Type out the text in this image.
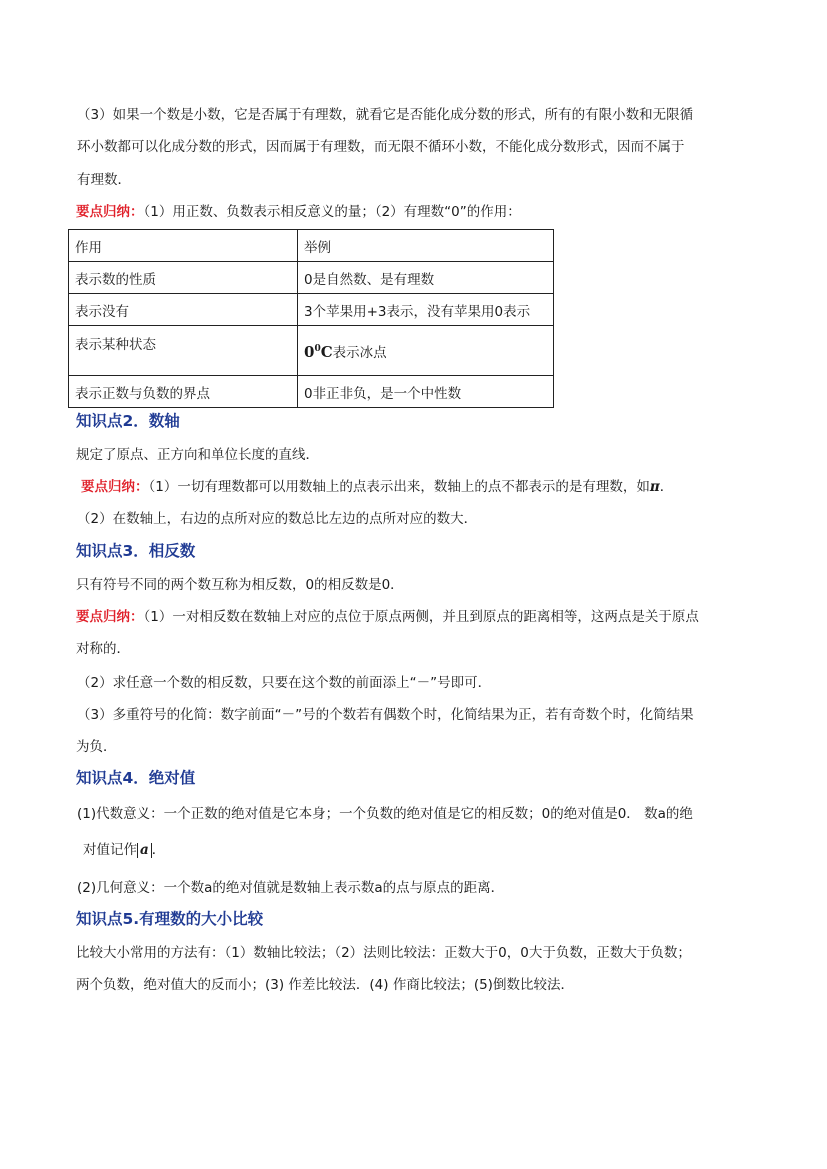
（3）如果一个数是小数，它是否属于有理数，就看它是否能化成分数的形式，所有的有限小数和无限循
环小数都可以化成分数的形式，因而属于有理数，而无限不循环小数，不能化成分数形式，因而不属于
有理数．
要点归纳：（1）用正数、负数表示相反意义的量；（2）有理数“0”的作用：
作用	举例
表示数的性质	0是自然数、是有理数
表示没有	3个苹果用+3表示，没有苹果用0表示
表示某种状态	$0^0C$表示冰点
表示正数与负数的界点	0非正非负，是一个中性数
知识点2．数轴
规定了原点、正方向和单位长度的直线．
要点归纳：（1）一切有理数都可以用数轴上的点表示出来，数轴上的点不都表示的是有理数，如π．
（2）在数轴上，右边的点所对应的数总比左边的点所对应的数大．
知识点3．相反数
只有符号不同的两个数互称为相反数，0的相反数是0．
要点归纳：（1）一对相反数在数轴上对应的点位于原点两侧，并且到原点的距离相等，这两点是关于原点
对称的．
（2）求任意一个数的相反数，只要在这个数的前面添上“－”号即可．
（3）多重符号的化简：数字前面“－”号的个数若有偶数个时，化简结果为正，若有奇数个时，化简结果
为负．
知识点4．绝对值
(1)代数意义：一个正数的绝对值是它本身；一个负数的绝对值是它的相反数；0的绝对值是0． 数a的绝
对值记作 a ．
(2)几何意义：一个数a的绝对值就是数轴上表示数a的点与原点的距离．
知识点5.有理数的大小比较
比较大小常用的方法有：（1）数轴比较法；（2）法则比较法：正数大于0，0大于负数，正数大于负数；
两个负数，绝对值大的反而小；(3) 作差比较法．(4) 作商比较法；(5)倒数比较法．
